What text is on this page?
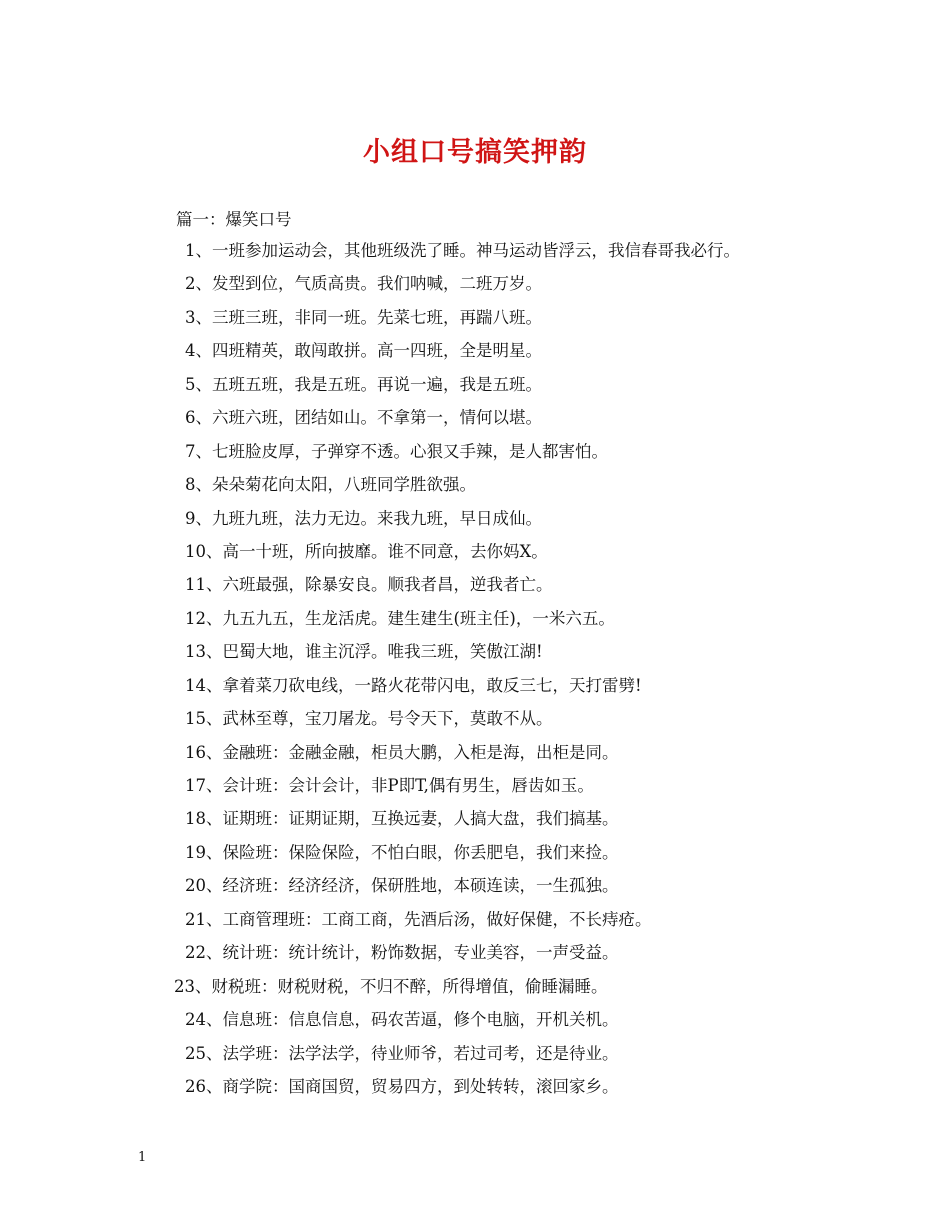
小组口号搞笑押韵
篇一：爆笑口号
1、一班参加运动会，其他班级洗了睡。神马运动皆浮云，我信春哥我必行。
2、发型到位，气质高贵。我们呐喊，二班万岁。
3、三班三班，非同一班。先菜七班，再踹八班。
4、四班精英，敢闯敢拼。高一四班，全是明星。
5、五班五班，我是五班。再说一遍，我是五班。
6、六班六班，团结如山。不拿第一，情何以堪。
7、七班脸皮厚，子弹穿不透。心狠又手辣，是人都害怕。
8、朵朵菊花向太阳，八班同学胜欲强。
9、九班九班，法力无边。来我九班，早日成仙。
10、高一十班，所向披靡。谁不同意，去你妈X。
11、六班最强，除暴安良。顺我者昌，逆我者亡。
12、九五九五，生龙活虎。建生建生(班主任)，一米六五。
13、巴蜀大地，谁主沉浮。唯我三班，笑傲江湖!
14、拿着菜刀砍电线，一路火花带闪电，敢反三七，天打雷劈!
15、武林至尊，宝刀屠龙。号令天下，莫敢不从。
16、金融班：金融金融，柜员大鹏，入柜是海，出柜是同。
17、会计班：会计会计，非P即T,偶有男生，唇齿如玉。
18、证期班：证期证期，互换远妻，人搞大盘，我们搞基。
19、保险班：保险保险，不怕白眼，你丢肥皂，我们来捡。
20、经济班：经济经济，保研胜地，本硕连读，一生孤独。
21、工商管理班：工商工商，先酒后汤，做好保健，不长痔疮。
22、统计班：统计统计，粉饰数据，专业美容，一声受益。
23、财税班：财税财税，不归不醉，所得增值，偷睡漏睡。
24、信息班：信息信息，码农苦逼，修个电脑，开机关机。
25、法学班：法学法学，待业师爷，若过司考，还是待业。
26、商学院：国商国贸，贸易四方，到处转转，滚回家乡。
1
